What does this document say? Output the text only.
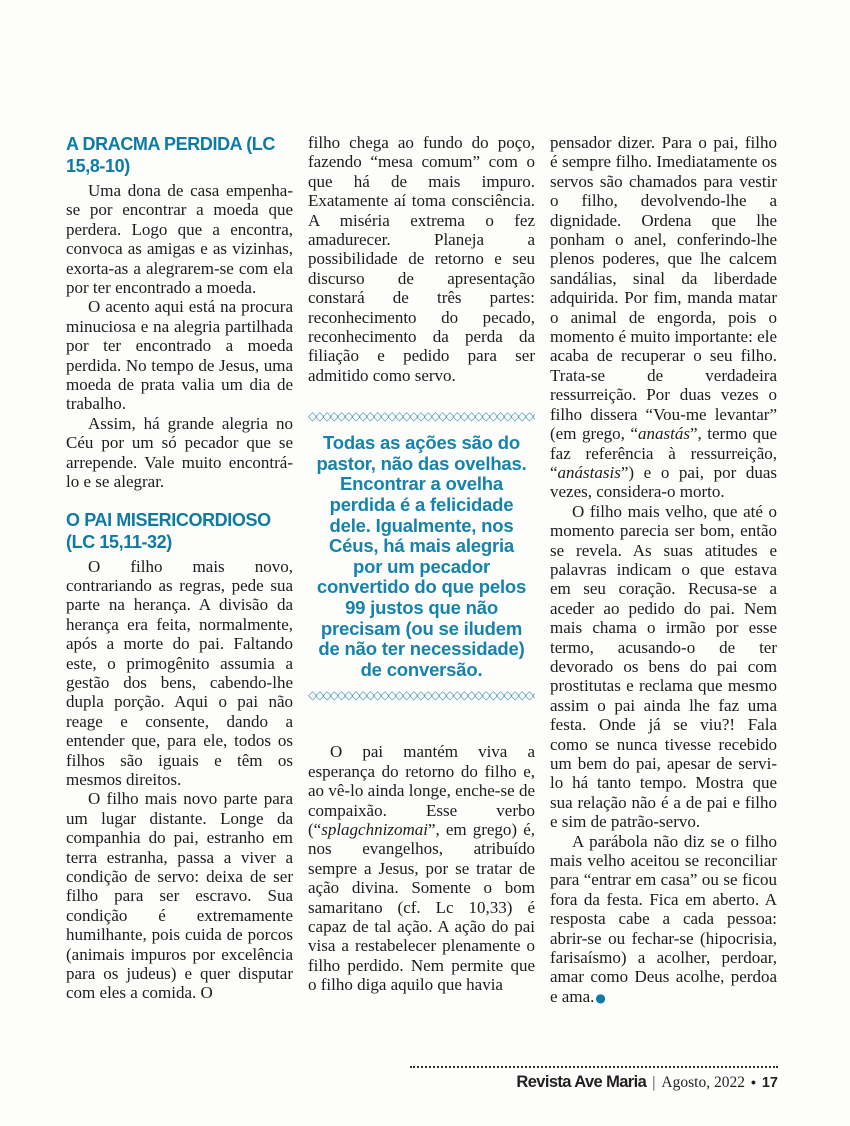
A DRACMA PERDIDA (LC 15,8-10)

Uma dona de casa empenha-se por encontrar a moeda que perdera. Logo que a encontra, convoca as amigas e as vizinhas, exorta-as a alegrarem-se com ela por ter encontrado a moeda.

O acento aqui está na procura minuciosa e na alegria partilhada por ter encontrado a moeda perdida. No tempo de Jesus, uma moeda de prata valia um dia de trabalho.

Assim, há grande alegria no Céu por um só pecador que se arrepende. Vale muito encontrá-lo e se alegrar.

O PAI MISERICORDIOSO (LC 15,11-32)

O filho mais novo, contrariando as regras, pede sua parte na herança. A divisão da herança era feita, normalmente, após a morte do pai. Faltando este, o primogênito assumia a gestão dos bens, cabendo-lhe dupla porção. Aqui o pai não reage e consente, dando a entender que, para ele, todos os filhos são iguais e têm os mesmos direitos.

O filho mais novo parte para um lugar distante. Longe da companhia do pai, estranho em terra estranha, passa a viver a condição de servo: deixa de ser filho para ser escravo. Sua condição é extremamente humilhante, pois cuida de porcos (animais impuros por excelência para os judeus) e quer disputar com eles a comida. O

filho chega ao fundo do poço, fazendo “mesa comum” com o que há de mais impuro. Exatamente aí toma consciência. A miséria extrema o fez amadurecer. Planeja a possibilidade de retorno e seu discurso de apresentação constará de três partes: reconhecimento do pecado, reconhecimento da perda da filiação e pedido para ser admitido como servo.

◇◇◇◇◇◇◇◇◇◇◇◇◇◇◇◇◇◇◇◇◇◇◇◇◇◇◇◇◇◇◇◇
Todas as ações são do pastor, não das ovelhas. Encontrar a ovelha perdida é a felicidade dele. Igualmente, nos Céus, há mais alegria por um pecador convertido do que pelos 99 justos que não precisam (ou se iludem de não ter necessidade) de conversão.
◇◇◇◇◇◇◇◇◇◇◇◇◇◇◇◇◇◇◇◇◇◇◇◇◇◇◇◇◇◇◇◇

O pai mantém viva a esperança do retorno do filho e, ao vê-lo ainda longe, enche-se de compaixão. Esse verbo (“splagchnizomai”, em grego) é, nos evangelhos, atribuído sempre a Jesus, por se tratar de ação divina. Somente o bom samaritano (cf. Lc 10,33) é capaz de tal ação. A ação do pai visa a restabelecer plenamente o filho perdido. Nem permite que o filho diga aquilo que havia

pensador dizer. Para o pai, filho é sempre filho. Imediatamente os servos são chamados para vestir o filho, devolvendo-lhe a dignidade. Ordena que lhe ponham o anel, conferindo-lhe plenos poderes, que lhe calcem sandálias, sinal da liberdade adquirida. Por fim, manda matar o animal de engorda, pois o momento é muito importante: ele acaba de recuperar o seu filho. Trata-se de verdadeira ressurreição. Por duas vezes o filho dissera “Vou-me levantar” (em grego, “anastás”, termo que faz referência à ressurreição, “anástasis”) e o pai, por duas vezes, considera-o morto.

O filho mais velho, que até o momento parecia ser bom, então se revela. As suas atitudes e palavras indicam o que estava em seu coração. Recusa-se a aceder ao pedido do pai. Nem mais chama o irmão por esse termo, acusando-o de ter devorado os bens do pai com prostitutas e reclama que mesmo assim o pai ainda lhe faz uma festa. Onde já se viu?! Fala como se nunca tivesse recebido um bem do pai, apesar de servi-lo há tanto tempo. Mostra que sua relação não é a de pai e filho e sim de patrão-servo.

A parábola não diz se o filho mais velho aceitou se reconciliar para “entrar em casa” ou se ficou fora da festa. Fica em aberto. A resposta cabe a cada pessoa: abrir-se ou fechar-se (hipocrisia, farisaísmo) a acolher, perdoar, amar como Deus acolhe, perdoa e ama.●

Revista Ave Maria | Agosto, 2022 • 17
